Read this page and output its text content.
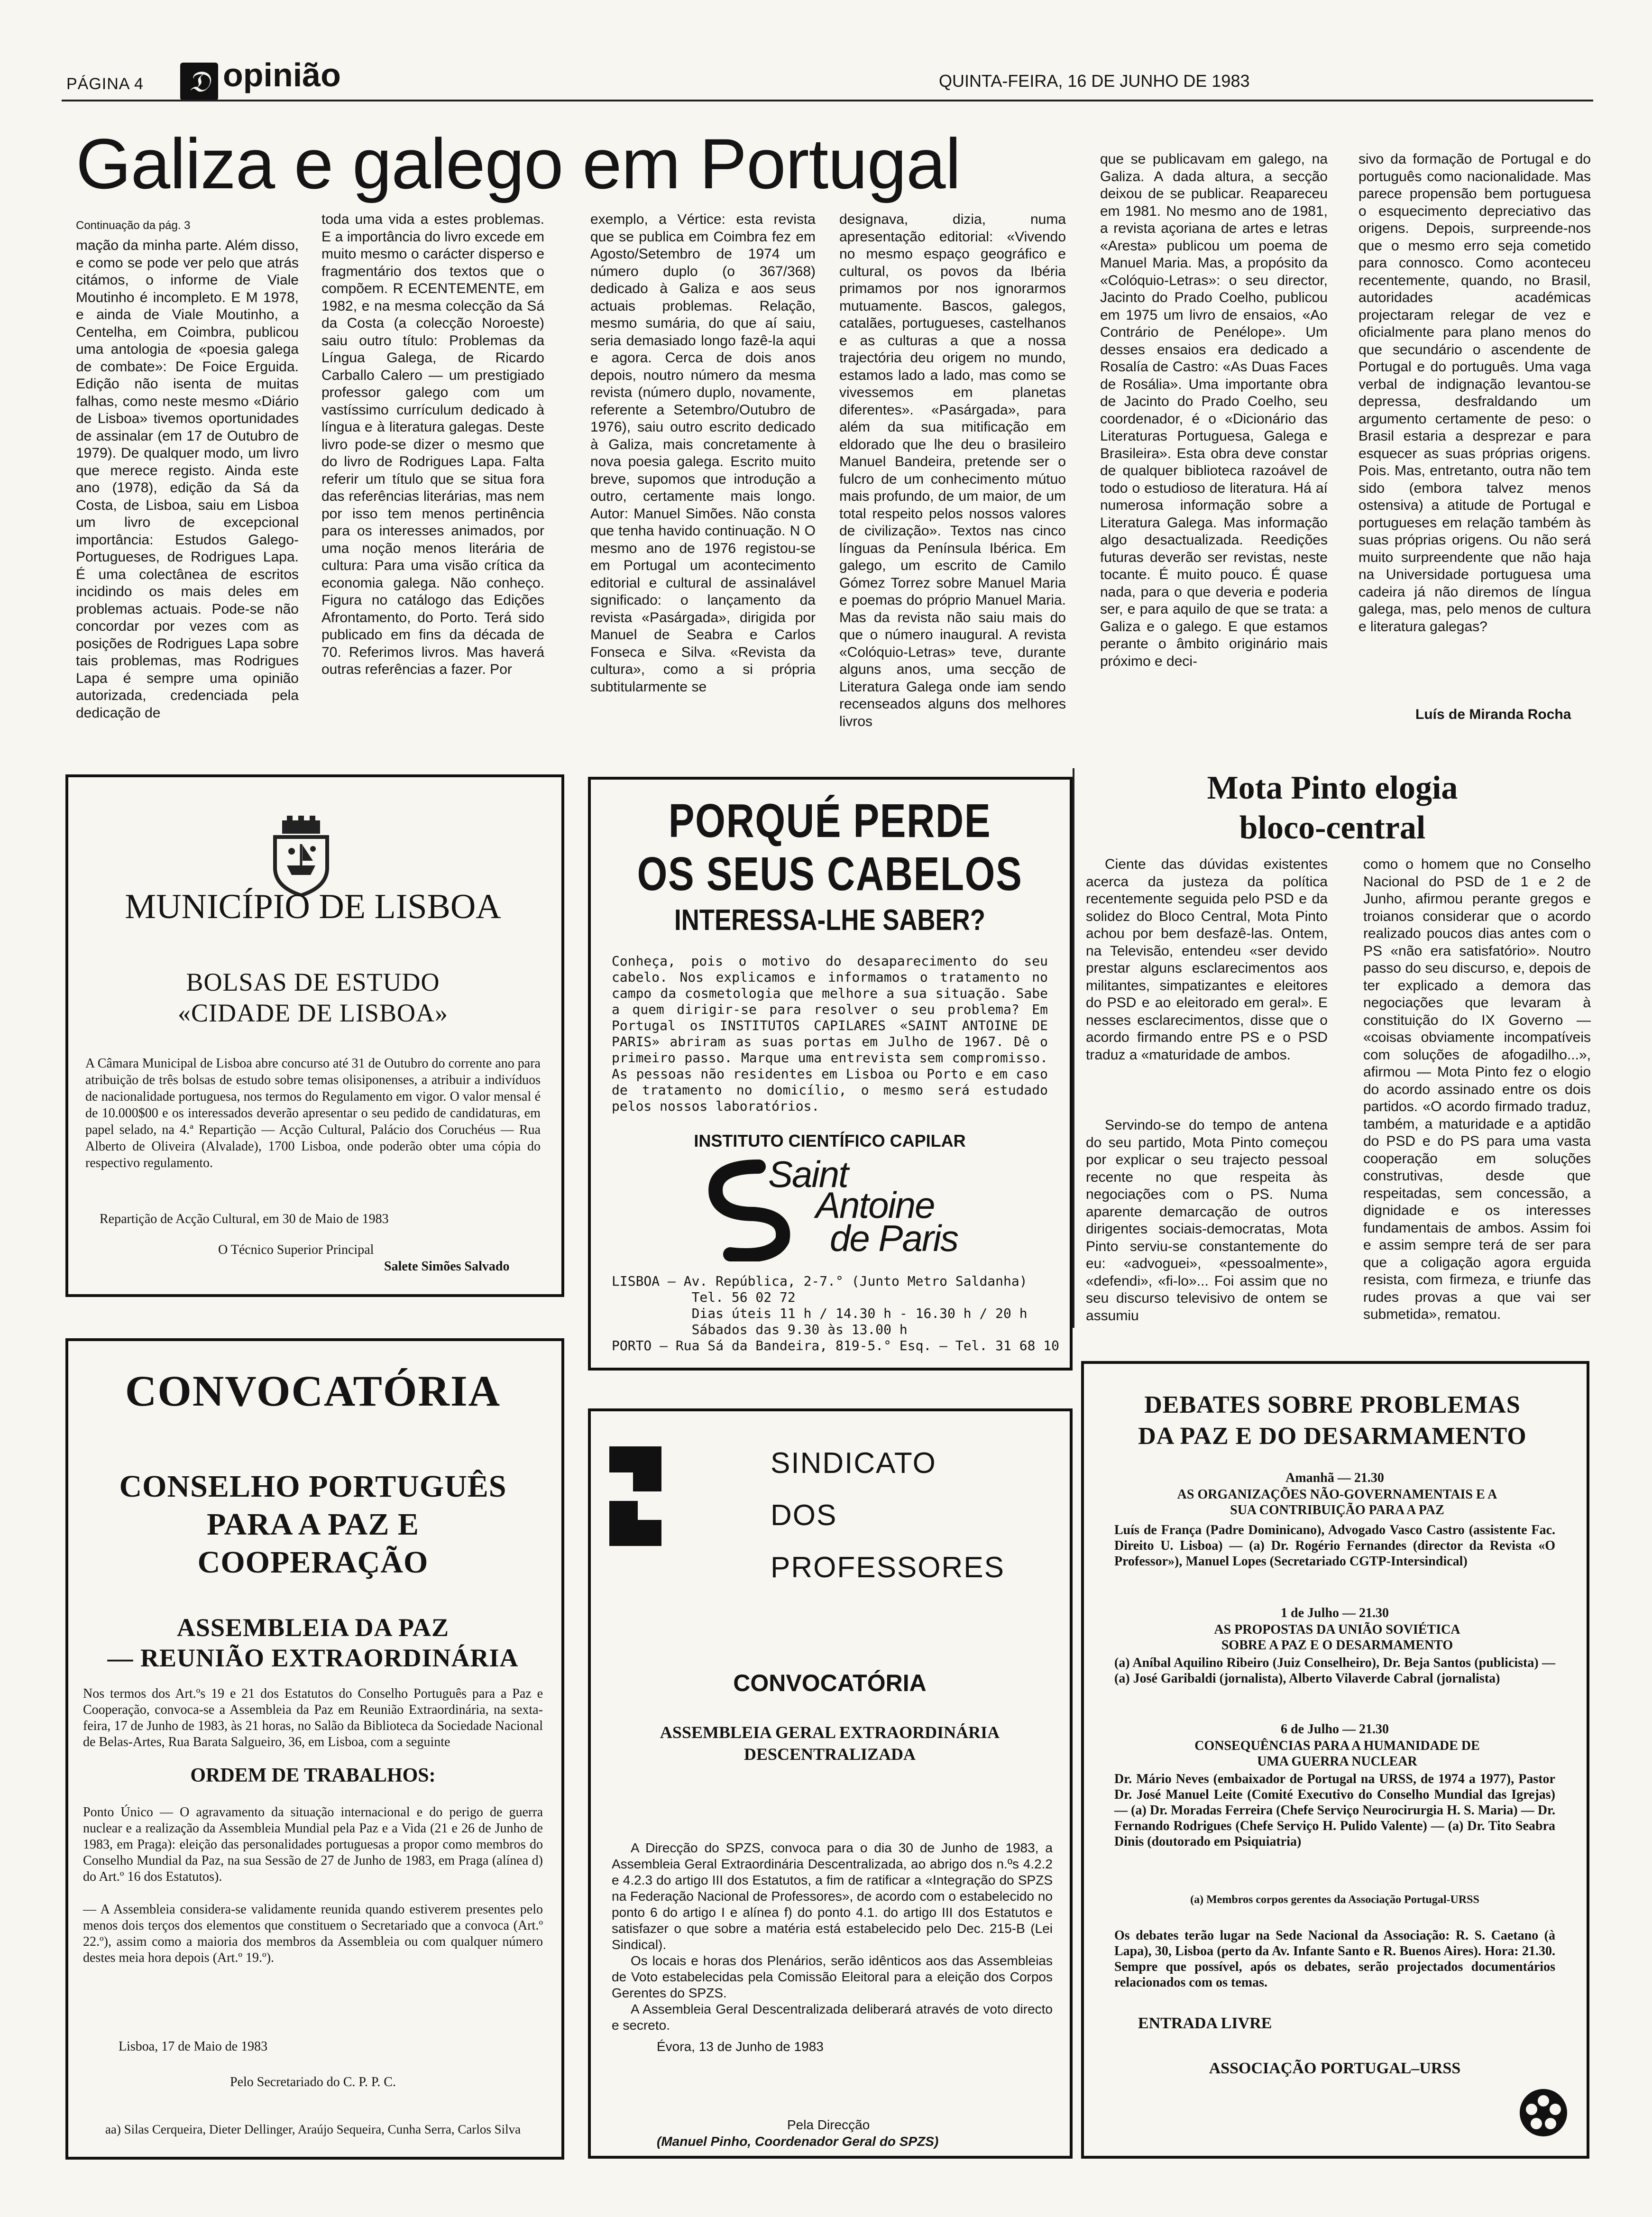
PÁGINA 4 𝔇 opinião	QUINTA-FEIRA, 16 DE JUNHO DE 1983
Galiza e galego em Portugal
Continuação da pág. 3

mação da minha parte. Além disso, e como se pode ver pelo que atrás citámos, o informe de Viale Moutinho é incompleto. E M 1978, e ainda de Viale Moutinho, a Centelha, em Coimbra, publicou uma antologia de «poesia galega de combate»: De Foice Erguida. Edição não isenta de muitas falhas, como neste mesmo «Diário de Lisboa» tivemos oportunidades de assinalar (em 17 de Outubro de 1979). De qualquer modo, um livro que merece registo. Ainda este ano (1978), edição da Sá da Costa, de Lisboa, saiu em Lisboa um livro de excepcional importância: Estudos Galego-Portugueses, de Rodrigues Lapa. É uma colectânea de escritos incidindo os mais deles em problemas actuais. Pode-se não concordar por vezes com as posições de Rodrigues Lapa sobre tais problemas, mas Rodrigues Lapa é sempre uma opinião autorizada, credenciada pela dedicação de

toda uma vida a estes problemas. E a importância do livro excede em muito mesmo o carácter disperso e fragmentário dos textos que o compõem. R ECENTEMENTE, em 1982, e na mesma colecção da Sá da Costa (a colecção Noroeste) saiu outro título: Problemas da Língua Galega, de Ricardo Carballo Calero — um prestigiado professor galego com um vastíssimo currículum dedicado à língua e à literatura galegas. Deste livro pode-se dizer o mesmo que do livro de Rodrigues Lapa. Falta referir um título que se situa fora das referências literárias, mas nem por isso tem menos pertinência para os interesses animados, por uma noção menos literária de cultura: Para uma visão crítica da economia galega. Não conheço. Figura no catálogo das Edições Afrontamento, do Porto. Terá sido publicado em fins da década de 70. Referimos livros. Mas haverá outras referências a fazer. Por

exemplo, a Vértice: esta revista que se publica em Coimbra fez em Agosto/Setembro de 1974 um número duplo (o 367/368) dedicado à Galiza e aos seus actuais problemas. Relação, mesmo sumária, do que aí saiu, seria demasiado longo fazê-la aqui e agora. Cerca de dois anos depois, noutro número da mesma revista (número duplo, novamente, referente a Setembro/Outubro de 1976), saiu outro escrito dedicado à Galiza, mais concretamente à nova poesia galega. Escrito muito breve, supomos que introdução a outro, certamente mais longo. Autor: Manuel Simões. Não consta que tenha havido continuação. N O mesmo ano de 1976 registou-se em Portugal um acontecimento editorial e cultural de assinalável significado: o lançamento da revista «Pasárgada», dirigida por Manuel de Seabra e Carlos Fonseca e Silva. «Revista da cultura», como a si própria subtitularmente se

designava, dizia, numa apresentação editorial: «Vivendo no mesmo espaço geográfico e cultural, os povos da Ibéria primamos por nos ignorarmos mutuamente. Bascos, galegos, catalães, portugueses, castelhanos e as culturas a que a nossa trajectória deu origem no mundo, estamos lado a lado, mas como se vivessemos em planetas diferentes». «Pasárgada», para além da sua mitificação em eldorado que lhe deu o brasileiro Manuel Bandeira, pretende ser o fulcro de um conhecimento mútuo mais profundo, de um maior, de um total respeito pelos nossos valores de civilização». Textos nas cinco línguas da Península Ibérica. Em galego, um escrito de Camilo Gómez Torrez sobre Manuel Maria e poemas do próprio Manuel Maria. Mas da revista não saiu mais do que o número inaugural. A revista «Colóquio-Letras» teve, durante alguns anos, uma secção de Literatura Galega onde iam sendo recenseados alguns dos melhores livros

que se publicavam em galego, na Galiza. A dada altura, a secção deixou de se publicar. Reapareceu em 1981. No mesmo ano de 1981, a revista açoriana de artes e letras «Aresta» publicou um poema de Manuel Maria. Mas, a propósito da «Colóquio-Letras»: o seu director, Jacinto do Prado Coelho, publicou em 1975 um livro de ensaios, «Ao Contrário de Penélope». Um desses ensaios era dedicado a Rosalía de Castro: «As Duas Faces de Rosália». Uma importante obra de Jacinto do Prado Coelho, seu coordenador, é o «Dicionário das Literaturas Portuguesa, Galega e Brasileira». Esta obra deve constar de qualquer biblioteca razoável de todo o estudioso de literatura. Há aí numerosa informação sobre a Literatura Galega. Mas informação algo desactualizada. Reedições futuras deverão ser revistas, neste tocante. É muito pouco. É quase nada, para o que deveria e poderia ser, e para aquilo de que se trata: a Galiza e o galego. E que estamos perante o âmbito originário mais próximo e deci-

sivo da formação de Portugal e do português como nacionalidade. Mas parece propensão bem portuguesa o esquecimento depreciativo das origens. Depois, surpreende-nos que o mesmo erro seja cometido para connosco. Como aconteceu recentemente, quando, no Brasil, autoridades académicas projectaram relegar de vez e oficialmente para plano menos do que secundário o ascendente de Portugal e do português. Uma vaga verbal de indignação levantou-se depressa, desfraldando um argumento certamente de peso: o Brasil estaria a desprezar e para esquecer as suas próprias origens. Pois. Mas, entretanto, outra não tem sido (embora talvez menos ostensiva) a atitude de Portugal e portugueses em relação também às suas próprias origens. Ou não será muito surpreendente que não haja na Universidade portuguesa uma cadeira já não diremos de língua galega, mas, pelo menos de cultura e literatura galegas?

Luís de Miranda Rocha
MUNICÍPIO DE LISBOA
BOLSAS DE ESTUDO
«CIDADE DE LISBOA»
A Câmara Municipal de Lisboa abre concurso até 31 de Outubro do corrente ano para atribuição de três bolsas de estudo sobre temas olisiponenses, a atribuir a indivíduos de nacionalidade portuguesa, nos termos do Regulamento em vigor. O valor mensal é de 10.000$00 e os interessados deverão apresentar o seu pedido de candidaturas, em papel selado, na 4.ª Repartição — Acção Cultural, Palácio dos Coruchéus — Rua Alberto de Oliveira (Alvalade), 1700 Lisboa, onde poderão obter uma cópia do respectivo regulamento.
Repartição de Acção Cultural, em 30 de Maio de 1983
O Técnico Superior Principal
Salete Simões Salvado
PORQUÉ PERDE
OS SEUS CABELOS
INTERESSA-LHE SABER?
Conheça, pois o motivo do desaparecimento do seu cabelo. Nos explicamos e informamos o tratamento no campo da cosmetologia que melhore a sua situação. Sabe a quem dirigir-se para resolver o seu problema? Em Portugal os INSTITUTOS CAPILARES «SAINT ANTOINE DE PARIS» abriram as suas portas em Julho de 1967. Dê o primeiro passo. Marque uma entrevista sem compromisso. As pessoas não residentes em Lisboa ou Porto e em caso de tratamento no domicílio, o mesmo será estudado pelos nossos laboratórios.
INSTITUTO CIENTÍFICO CAPILAR
Saint
Antoine
de Paris
LISBOA — Av. República, 2-7.° (Junto Metro Saldanha)
Tel. 56 02 72
Dias úteis 11 h / 14.30 h - 16.30 h / 20 h
Sábados das 9.30 às 13.00 h
PORTO — Rua Sá da Bandeira, 819-5.° Esq. — Tel. 31 68 10
Mota Pinto elogia
bloco-central

Ciente das dúvidas existentes acerca da justeza da política recentemente seguida pelo PSD e da solidez do Bloco Central, Mota Pinto achou por bem desfazê-las. Ontem, na Televisão, entendeu «ser devido prestar alguns esclarecimentos aos militantes, simpatizantes e eleitores do PSD e ao eleitorado em geral». E nesses esclarecimentos, disse que o acordo firmando entre PS e o PSD traduz a «maturidade de ambos.

Servindo-se do tempo de antena do seu partido, Mota Pinto começou por explicar o seu trajecto pessoal recente no que respeita às negociações com o PS. Numa aparente demarcação de outros dirigentes sociais-democratas, Mota Pinto serviu-se constantemente do eu: «advoguei», «pessoalmente», «defendi», «fi-lo»... Foi assim que no seu discurso televisivo de ontem se assumiu

como o homem que no Conselho Nacional do PSD de 1 e 2 de Junho, afirmou perante gregos e troianos considerar que o acordo realizado poucos dias antes com o PS «não era satisfatório». Noutro passo do seu discurso, e, depois de ter explicado a demora das negociações que levaram à constituição do IX Governo — «coisas obviamente incompatíveis com soluções de afogadilho...», afirmou — Mota Pinto fez o elogio do acordo assinado entre os dois partidos. «O acordo firmado traduz, também, a maturidade e a aptidão do PSD e do PS para uma vasta cooperação em soluções construtivas, desde que respeitadas, sem concessão, a dignidade e os interesses fundamentais de ambos. Assim foi e assim sempre terá de ser para que a coligação agora erguida resista, com firmeza, e triunfe das rudes provas a que vai ser submetida», rematou.

CONVOCATÓRIA
CONSELHO PORTUGUÊS
PARA A PAZ E
COOPERAÇÃO
ASSEMBLEIA DA PAZ
— REUNIÃO EXTRAORDINÁRIA
Nos termos dos Art.ºs 19 e 21 dos Estatutos do Conselho Português para a Paz e Cooperação, convoca-se a Assembleia da Paz em Reunião Extraordinária, na sexta-feira, 17 de Junho de 1983, às 21 horas, no Salão da Biblioteca da Sociedade Nacional de Belas-Artes, Rua Barata Salgueiro, 36, em Lisboa, com a seguinte
ORDEM DE TRABALHOS:
Ponto Único — O agravamento da situação internacional e do perigo de guerra nuclear e a realização da Assembleia Mundial pela Paz e a Vida (21 e 26 de Junho de 1983, em Praga): eleição das personalidades portuguesas a propor como membros do Conselho Mundial da Paz, na sua Sessão de 27 de Junho de 1983, em Praga (alínea d) do Art.º 16 dos Estatutos).
— A Assembleia considera-se validamente reunida quando estiverem presentes pelo menos dois terços dos elementos que constituem o Secretariado que a convoca (Art.º 22.º), assim como a maioria dos membros da Assembleia ou com qualquer número destes meia hora depois (Art.º 19.º).
Lisboa, 17 de Maio de 1983
Pelo Secretariado do C. P. P. C.
aa) Silas Cerqueira, Dieter Dellinger, Araújo Sequeira, Cunha Serra, Carlos Silva
SINDICATO
DOS
PROFESSORES
CONVOCATÓRIA
ASSEMBLEIA GERAL EXTRAORDINÁRIA
DESCENTRALIZADA

A Direcção do SPZS, convoca para o dia 30 de Junho de 1983, a Assembleia Geral Extraordinária Descentralizada, ao abrigo dos n.ºs 4.2.2 e 4.2.3 do artigo III dos Estatutos, a fim de ratificar a «Integração do SPZS na Federação Nacional de Professores», de acordo com o estabelecido no ponto 6 do artigo I e alínea f) do ponto 4.1. do artigo III dos Estatutos e satisfazer o que sobre a matéria está estabelecido pelo Dec. 215-B (Lei Sindical).

Os locais e horas dos Plenários, serão idênticos aos das Assembleias de Voto estabelecidas pela Comissão Eleitoral para a eleição dos Corpos Gerentes do SPZS.

A Assembleia Geral Descentralizada deliberará através de voto directo e secreto.

Évora, 13 de Junho de 1983
Pela Direcção
(Manuel Pinho, Coordenador Geral do SPZS)
DEBATES SOBRE PROBLEMAS
DA PAZ E DO DESARMAMENTO
Amanhã — 21.30
AS ORGANIZAÇÕES NÃO-GOVERNAMENTAIS E A SUA CONTRIBUIÇÃO PARA A PAZ
Luís de França (Padre Dominicano), Advogado Vasco Castro (assistente Fac. Direito U. Lisboa) — (a) Dr. Rogério Fernandes (director da Revista «O Professor»), Manuel Lopes (Secretariado CGTP-Intersindical)
1 de Julho — 21.30
AS PROPOSTAS DA UNIÃO SOVIÉTICA SOBRE A PAZ E O DESARMAMENTO
(a) Aníbal Aquilino Ribeiro (Juiz Conselheiro), Dr. Beja Santos (publicista) — (a) José Garibaldi (jornalista), Alberto Vilaverde Cabral (jornalista)
6 de Julho — 21.30
CONSEQUÊNCIAS PARA A HUMANIDADE DE UMA GUERRA NUCLEAR
Dr. Mário Neves (embaixador de Portugal na URSS, de 1974 a 1977), Pastor Dr. José Manuel Leite (Comité Executivo do Conselho Mundial das Igrejas) — (a) Dr. Moradas Ferreira (Chefe Serviço Neurocirurgia H. S. Maria) — Dr. Fernando Rodrigues (Chefe Serviço H. Pulido Valente) — (a) Dr. Tito Seabra Dinis (doutorado em Psiquiatria)
(a) Membros corpos gerentes da Associação Portugal-URSS
Os debates terão lugar na Sede Nacional da Associação: R. S. Caetano (à Lapa), 30, Lisboa (perto da Av. Infante Santo e R. Buenos Aires). Hora: 21.30. Sempre que possível, após os debates, serão projectados documentários relacionados com os temas.
ENTRADA LIVRE
ASSOCIAÇÃO PORTUGAL–URSS
